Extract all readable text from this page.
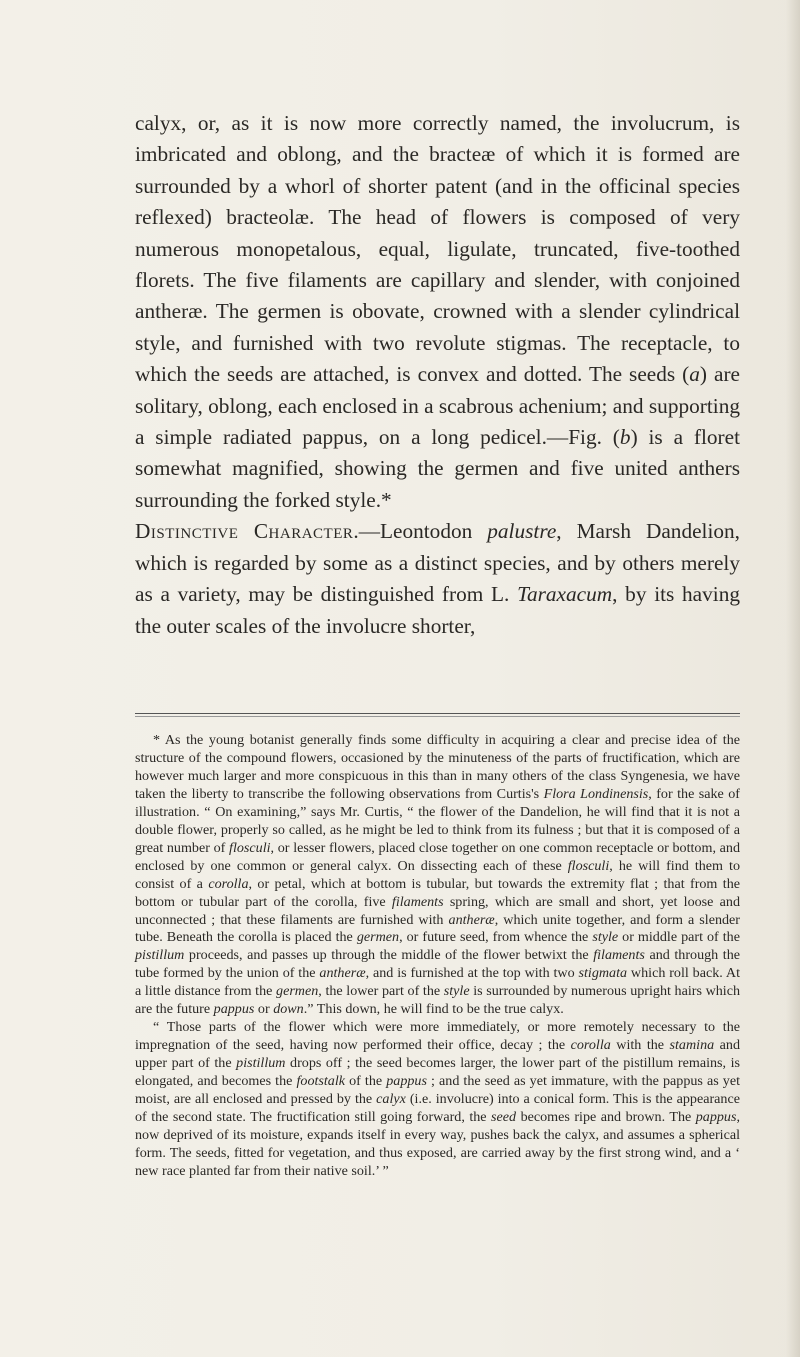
calyx, or, as it is now more correctly named, the involucrum, is imbricated and oblong, and the bracteæ of which it is formed are surrounded by a whorl of shorter patent (and in the officinal species reflexed) bracteolæ. The head of flowers is composed of very numerous monopetalous, equal, ligulate, truncated, five-toothed florets. The five filaments are capillary and slender, with conjoined antheræ. The germen is obovate, crowned with a slender cylindrical style, and furnished with two revolute stigmas. The receptacle, to which the seeds are attached, is convex and dotted. The seeds (a) are solitary, oblong, each enclosed in a scabrous achenium; and supporting a simple radiated pappus, on a long pedicel.—Fig. (b) is a floret somewhat magnified, showing the germen and five united anthers surrounding the forked style.*

Distinctive Character.—Leontodon palustre, Marsh Dandelion, which is regarded by some as a distinct species, and by others merely as a variety, may be distinguished from L. Taraxacum, by its having the outer scales of the involucre shorter,

* As the young botanist generally finds some difficulty in acquiring a clear and precise idea of the structure of the compound flowers, occasioned by the minuteness of the parts of fructification, which are however much larger and more conspicuous in this than in many others of the class Syngenesia, we have taken the liberty to transcribe the following observations from Curtis's Flora Londinensis, for the sake of illustration. “ On examining,” says Mr. Curtis, “ the flower of the Dandelion, he will find that it is not a double flower, properly so called, as he might be led to think from its fulness ; but that it is composed of a great number of flosculi, or lesser flowers, placed close together on one common receptacle or bottom, and enclosed by one common or general calyx. On dissecting each of these flosculi, he will find them to consist of a corolla, or petal, which at bottom is tubular, but towards the extremity flat ; that from the bottom or tubular part of the corolla, five filaments spring, which are small and short, yet loose and unconnected ; that these filaments are furnished with antheræ, which unite together, and form a slender tube. Beneath the corolla is placed the germen, or future seed, from whence the style or middle part of the pistillum proceeds, and passes up through the middle of the flower betwixt the filaments and through the tube formed by the union of the antheræ, and is furnished at the top with two stigmata which roll back. At a little distance from the germen, the lower part of the style is surrounded by numerous upright hairs which are the future pappus or down.” This down, he will find to be the true calyx.

“ Those parts of the flower which were more immediately, or more remotely necessary to the impregnation of the seed, having now performed their office, decay ; the corolla with the stamina and upper part of the pistillum drops off ; the seed becomes larger, the lower part of the pistillum remains, is elongated, and becomes the footstalk of the pappus ; and the seed as yet immature, with the pappus as yet moist, are all enclosed and pressed by the calyx (i.e. involucre) into a conical form. This is the appearance of the second state. The fructification still going forward, the seed becomes ripe and brown. The pappus, now deprived of its moisture, expands itself in every way, pushes back the calyx, and assumes a spherical form. The seeds, fitted for vegetation, and thus exposed, are carried away by the first strong wind, and a ‘ new race planted far from their native soil.’ ”
